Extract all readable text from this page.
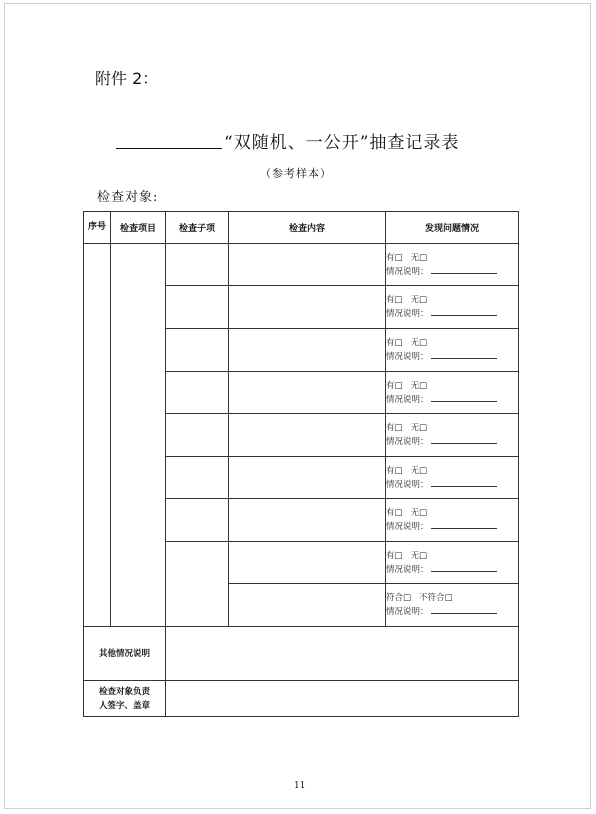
附件 2：
“双随机、一公开”抽查记录表
（参考样本）
检查对象:
序号	检查项目	检查子项	检查内容	发现问题情况

				有□ 无□
情况说明：

				有□ 无□
情况说明：

				有□ 无□
情况说明：

				有□ 无□
情况说明：

				有□ 无□
情况说明：

				有□ 无□
情况说明：

				有□ 无□
情况说明：

				有□ 无□
情况说明：

				符合□ 不符合□
情况说明：

其他情况说明				

检查对象负责
人签字、盖章				

11
